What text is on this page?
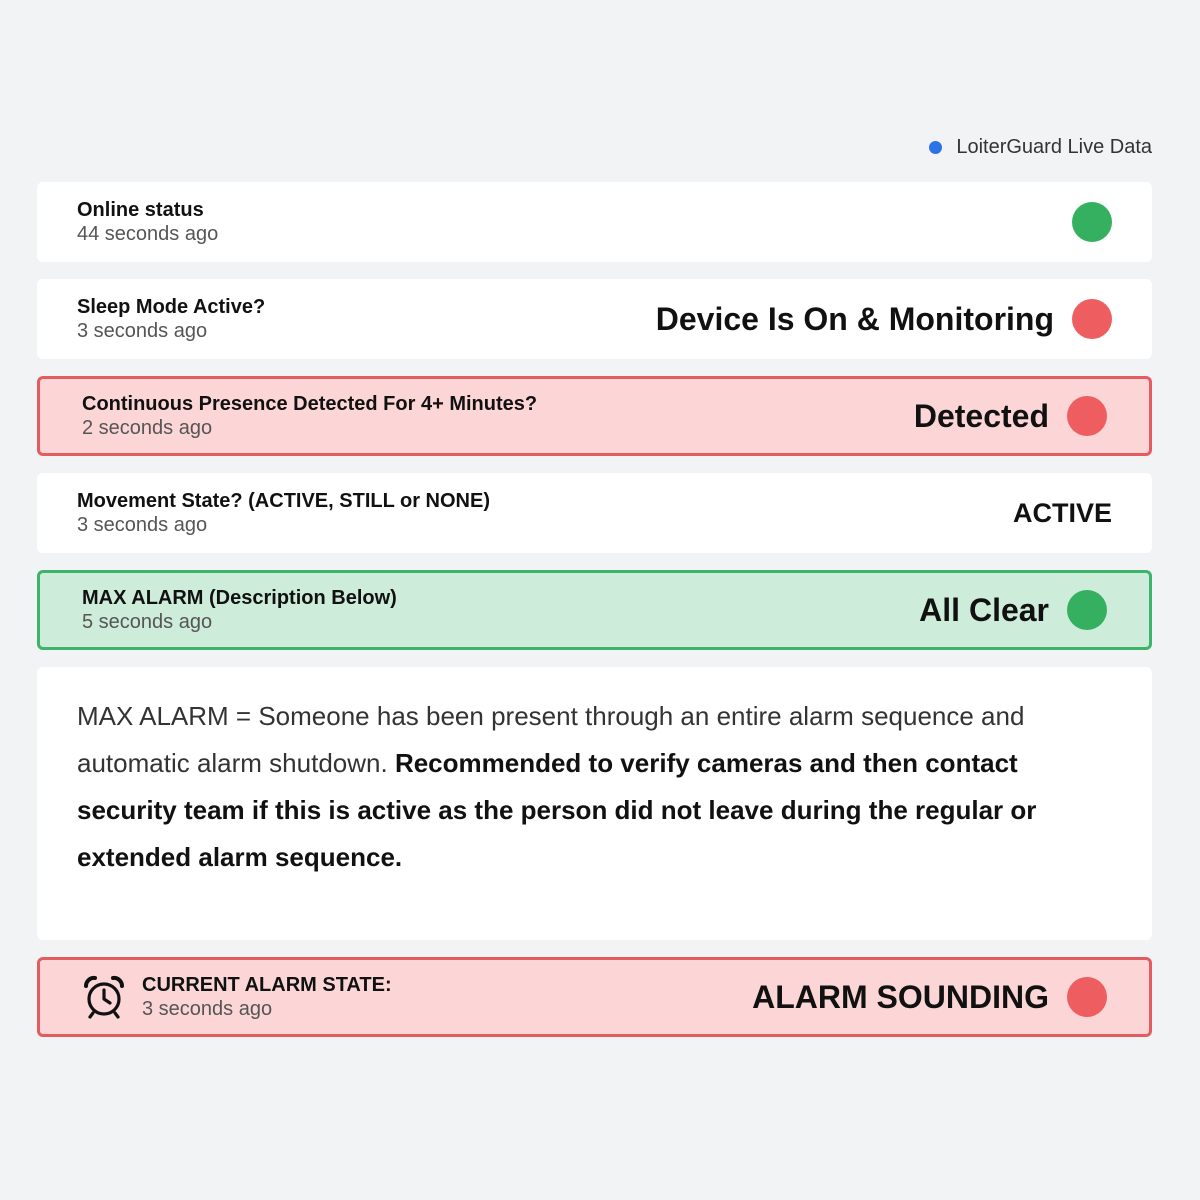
LoiterGuard Live Data
Online status
44 seconds ago
Sleep Mode Active?
3 seconds ago	Device Is On & Monitoring
Continuous Presence Detected For 4+ Minutes?
2 seconds ago	Detected
Movement State? (ACTIVE, STILL or NONE)
3 seconds ago	ACTIVE
MAX ALARM (Description Below)
5 seconds ago	All Clear
MAX ALARM = Someone has been present through an entire alarm sequence and automatic alarm shutdown. Recommended to verify cameras and then contact security team if this is active as the person did not leave during the regular or extended alarm sequence.
CURRENT ALARM STATE:
3 seconds ago	ALARM SOUNDING
